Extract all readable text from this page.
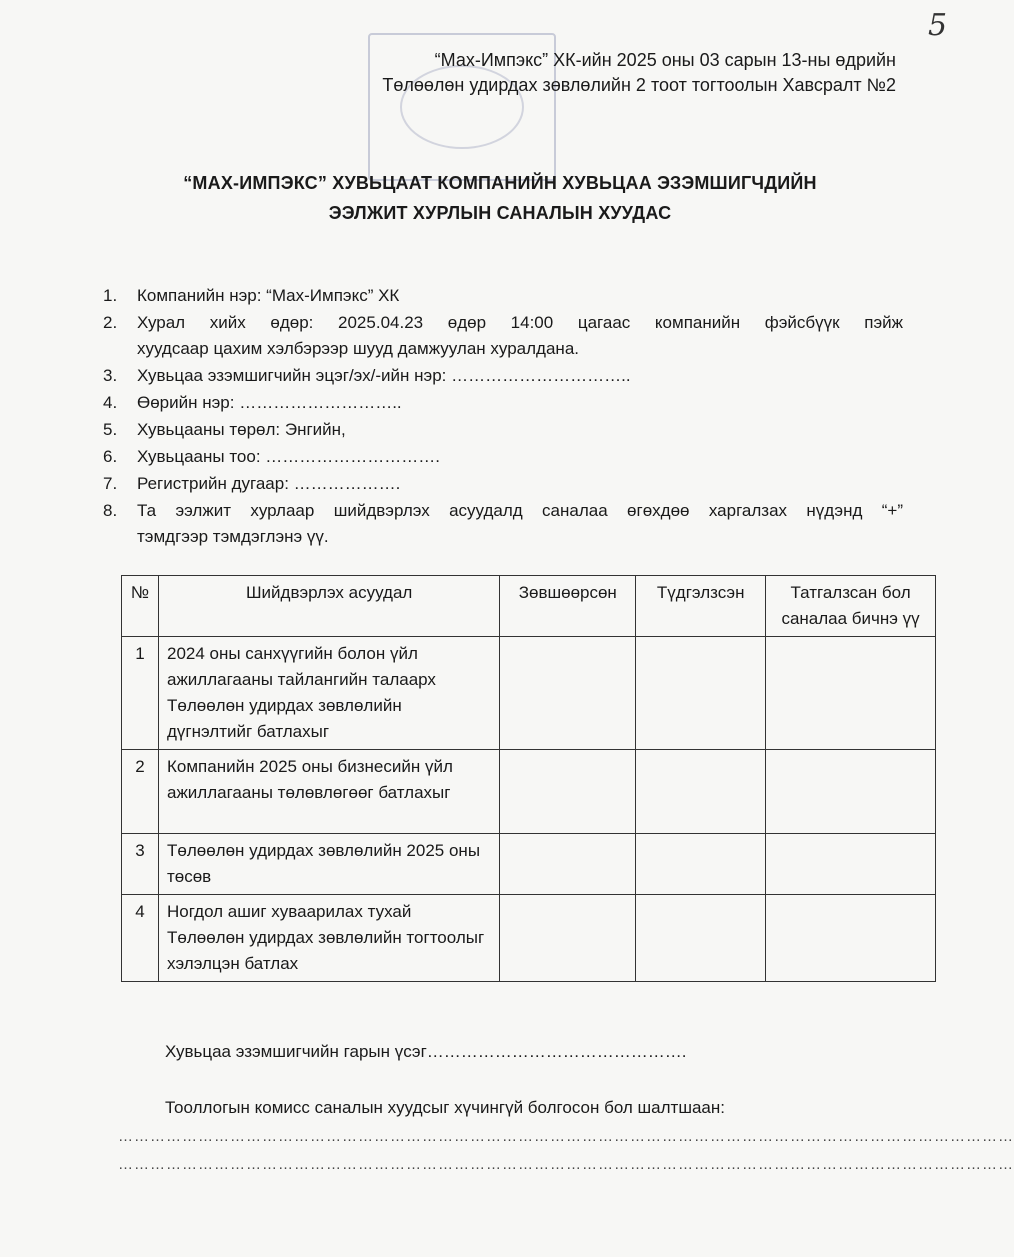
5
“Мах-Импэкс” ХК-ийн 2025 оны 03 сарын 13-ны өдрийн
Төлөөлөн удирдах зөвлөлийн 2 тоот тогтоолын Хавсралт №2
“МАХ-ИМПЭКС” ХУВЬЦААТ КОМПАНИЙН ХУВЬЦАА ЭЗЭМШИГЧДИЙН
ЭЭЛЖИТ ХУРЛЫН САНАЛЫН ХУУДАС
1.	Компанийн нэр: “Мах-Импэкс” ХК
2.	Хурал хийх өдөр: 2025.04.23 өдөр 14:00 цагаас компанийн фэйсбүүк пэйж
хуудсаар цахим хэлбэрээр шууд дамжуулан хуралдана.
3.	Хувьцаа эзэмшигчийн эцэг/эх/-ийн нэр: …………………………..
4.	Өөрийн нэр: ………………………..
5.	Хувьцааны төрөл: Энгийн,
6.	Хувьцааны тоо: ………………………….
7.	Регистрийн дугаар: ……………….
8.	Та ээлжит хурлаар шийдвэрлэх асуудалд саналаа өгөхдөө харгалзах нүдэнд “+”
тэмдгээр тэмдэглэнэ үү.
№	Шийдвэрлэх асуудал	Зөвшөөрсөн	Түдгэлзсэн	Татгалзсан бол саналаа бичнэ үү
1	2024 оны санхүүгийн болон үйл ажиллагааны тайлангийн талаарх Төлөөлөн удирдах зөвлөлийн дүгнэлтийг батлахыг			
2	Компанийн 2025 оны бизнесийн үйл ажиллагааны төлөвлөгөөг батлахыг			
3	Төлөөлөн удирдах зөвлөлийн 2025 оны төсөв			
4	Ногдол ашиг хуваарилах тухай Төлөөлөн удирдах зөвлөлийн тогтоолыг хэлэлцэн батлах			
Хувьцаа эзэмшигчийн гарын үсэг……………………………………….
Тооллогын комисс саналын хуудсыг хүчингүй болгосон бол шалтшаан:
……………………………………………………………………………………………………………………………………………………
……………………………………………………………………………………………………………………………………………………
